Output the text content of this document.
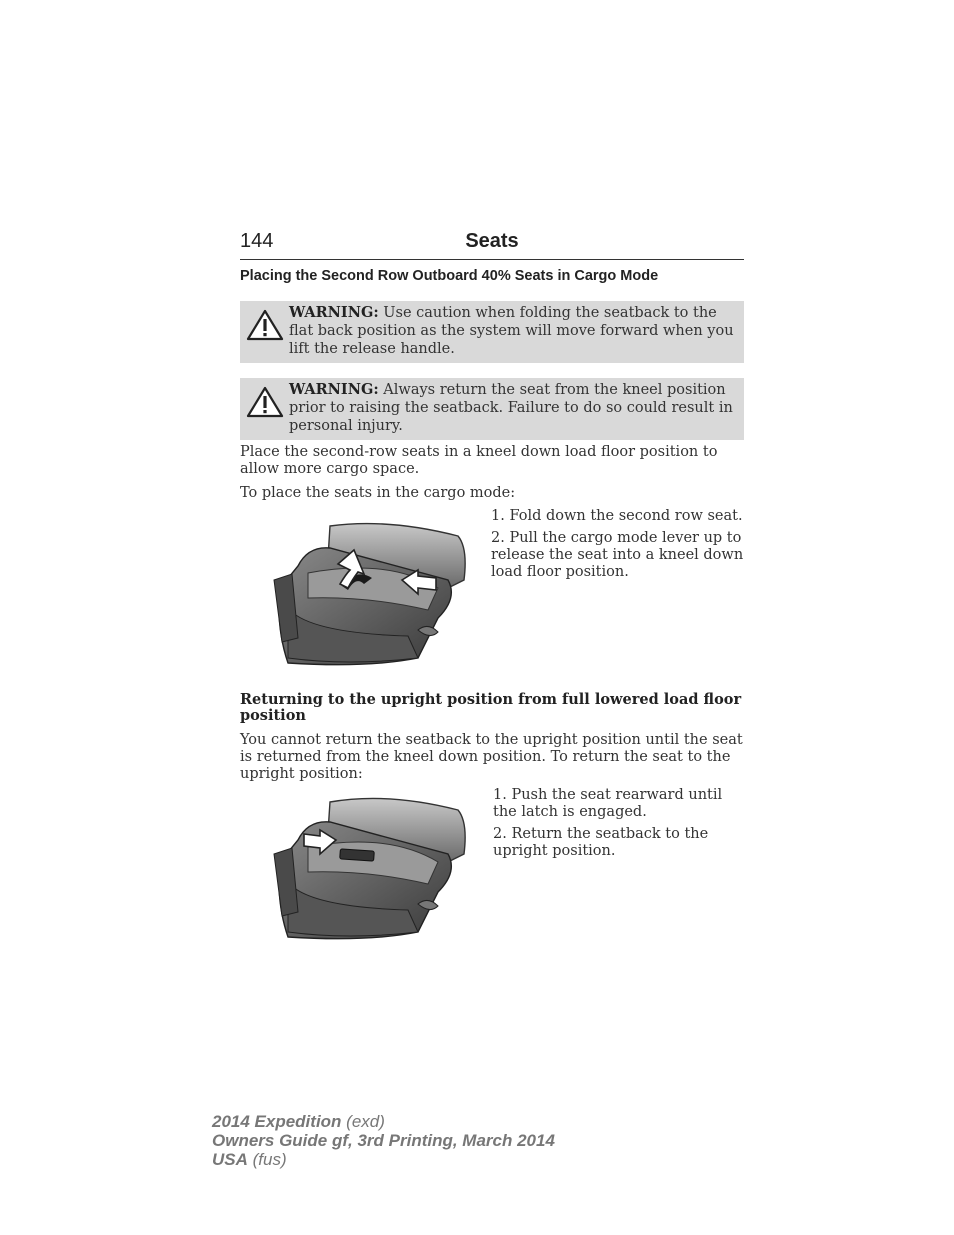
144	Seats
Placing the Second Row Outboard 40% Seats in Cargo Mode
WARNING: Use caution when folding the seatback to the flat back position as the system will move forward when you lift the release handle.
WARNING: Always return the seat from the kneel position prior to raising the seatback. Failure to do so could result in personal injury.

Place the second-row seats in a kneel down load floor position to allow more cargo space.

To place the seats in the cargo mode:

1. Fold down the second row seat.

2. Pull the cargo mode lever up to release the seat into a kneel down load floor position.

Returning to the upright position from full lowered load floor position

You cannot return the seatback to the upright position until the seat is returned from the kneel down position. To return the seat to the upright position:

1. Push the seat rearward until the latch is engaged.

2. Return the seatback to the upright position.

2014 Expedition (exd)
Owners Guide gf, 3rd Printing, March 2014
USA (fus)
